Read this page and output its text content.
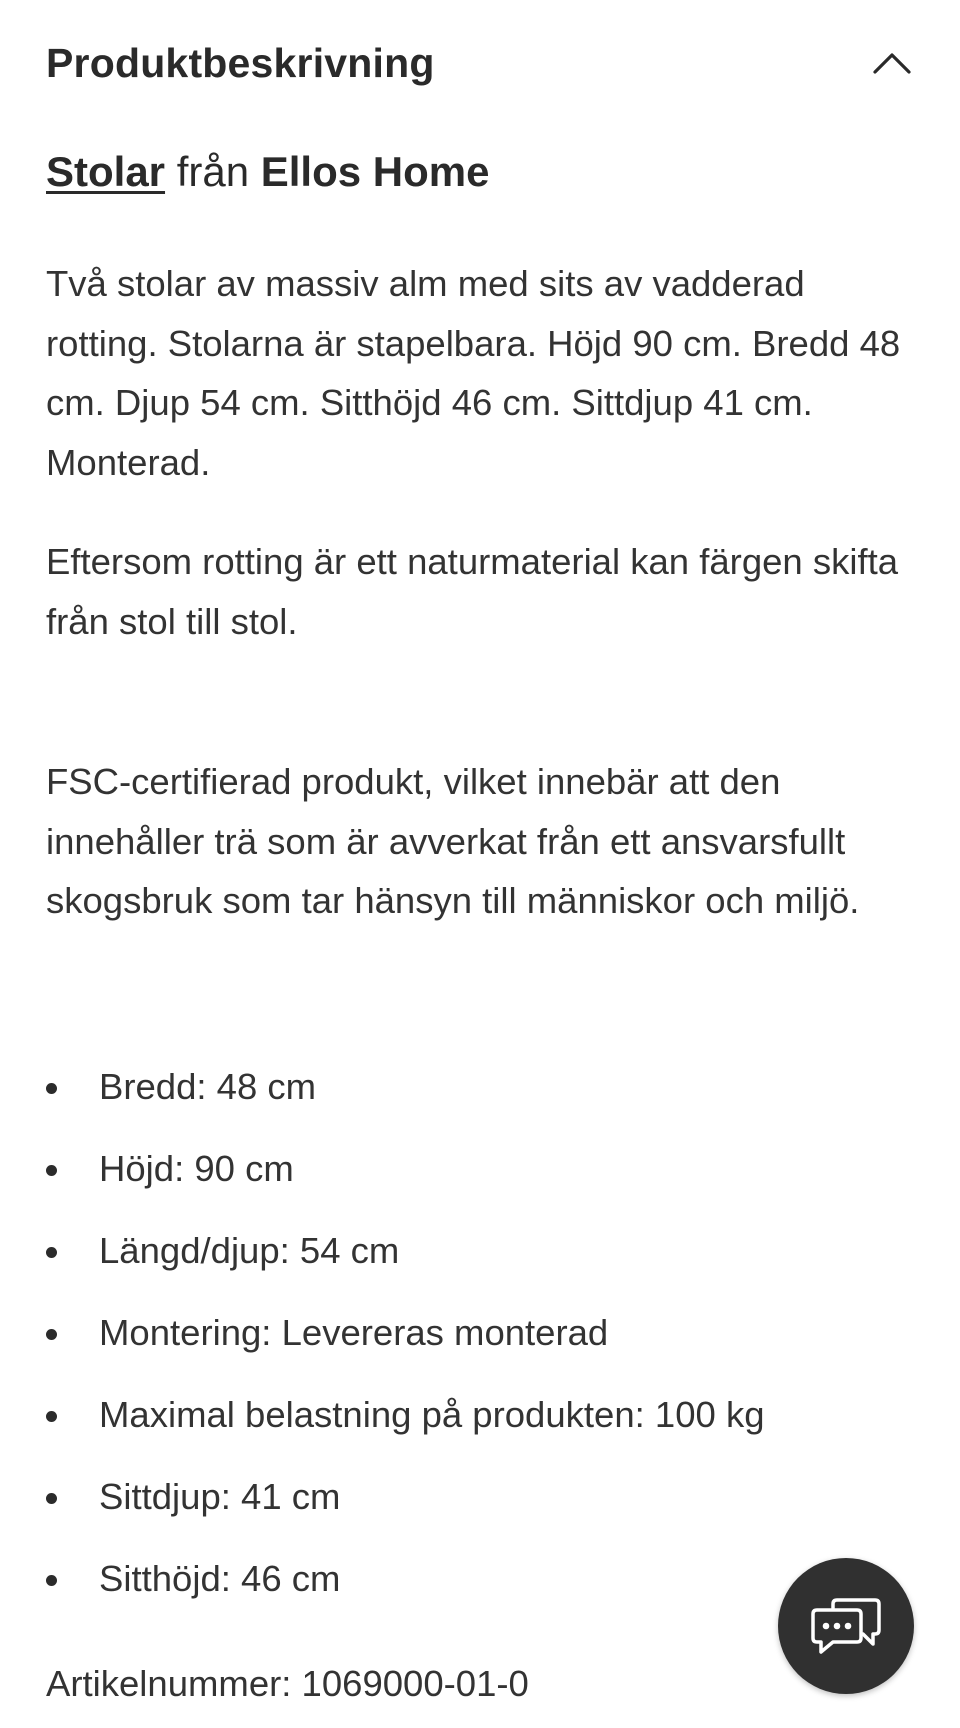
Produktbeskrivning
Stolar från Ellos Home

Två stolar av massiv alm med sits av vadderad rotting. Stolarna är stapelbara. Höjd 90 cm. Bredd 48 cm. Djup 54 cm. Sitthöjd 46 cm. Sittdjup 41 cm. Monterad.

Eftersom rotting är ett naturmaterial kan färgen skifta från stol till stol.

FSC-certifierad produkt, vilket innebär att den innehåller trä som är avverkat från ett ansvarsfullt skogsbruk som tar hänsyn till människor och miljö.

Bredd: 48 cm
Höjd: 90 cm
Längd/djup: 54 cm
Montering: Levereras monterad
Maximal belastning på produkten: 100 kg
Sittdjup: 41 cm
Sitthöjd: 46 cm
Artikelnummer: 1069000-01-0
